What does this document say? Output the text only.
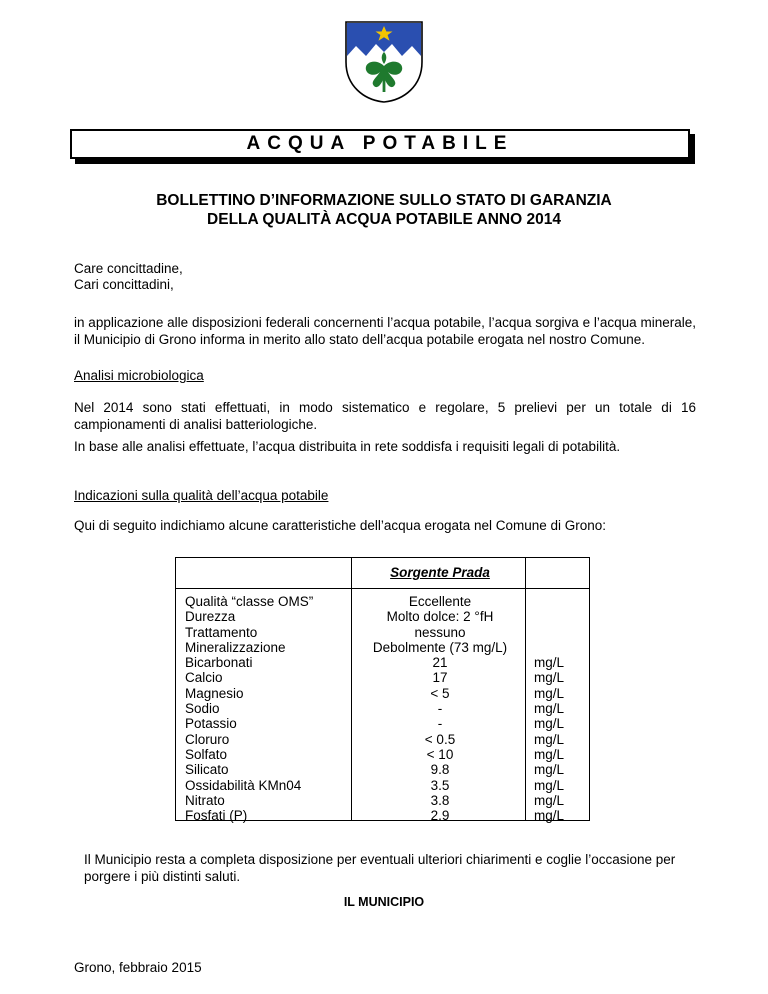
ACQUA POTABILE
BOLLETTINO D’INFORMAZIONE SULLO STATO DI GARANZIA
DELLA QUALITÀ ACQUA POTABILE ANNO 2014
Care concittadine,
Cari concittadini,
in applicazione alle disposizioni federali concernenti l’acqua potabile, l’acqua sorgiva e l’acqua minerale, il Municipio di Grono informa in merito allo stato dell’acqua potabile erogata nel nostro Comune.
Analisi microbiologica
Nel 2014 sono stati effettuati, in modo sistematico e regolare, 5 prelievi per un totale di 16 campionamenti di analisi batteriologiche.
In base alle analisi effettuate, l’acqua distribuita in rete soddisfa i requisiti legali di potabilità.
Indicazioni sulla qualità dell’acqua potabile
Qui di seguito indichiamo alcune caratteristiche dell’acqua erogata nel Comune di Grono:
Sorgente Prada
Qualità “classe OMS”	Eccellente
Durezza	Molto dolce: 2 °fH
Trattamento	nessuno
Mineralizzazione	Debolmente (73 mg/L)
Bicarbonati	21	mg/L
Calcio	17	mg/L
Magnesio	< 5	mg/L
Sodio	-	mg/L
Potassio	-	mg/L
Cloruro	< 0.5	mg/L
Solfato	< 10	mg/L
Silicato	9.8	mg/L
Ossidabilità KMn04	3.5	mg/L
Nitrato	3.8	mg/L
Fosfati (P)	2.9	mg/L
Il Municipio resta a completa disposizione per eventuali ulteriori chiarimenti e coglie l’occasione per porgere i più distinti saluti.
IL MUNICIPIO
Grono, febbraio 2015
